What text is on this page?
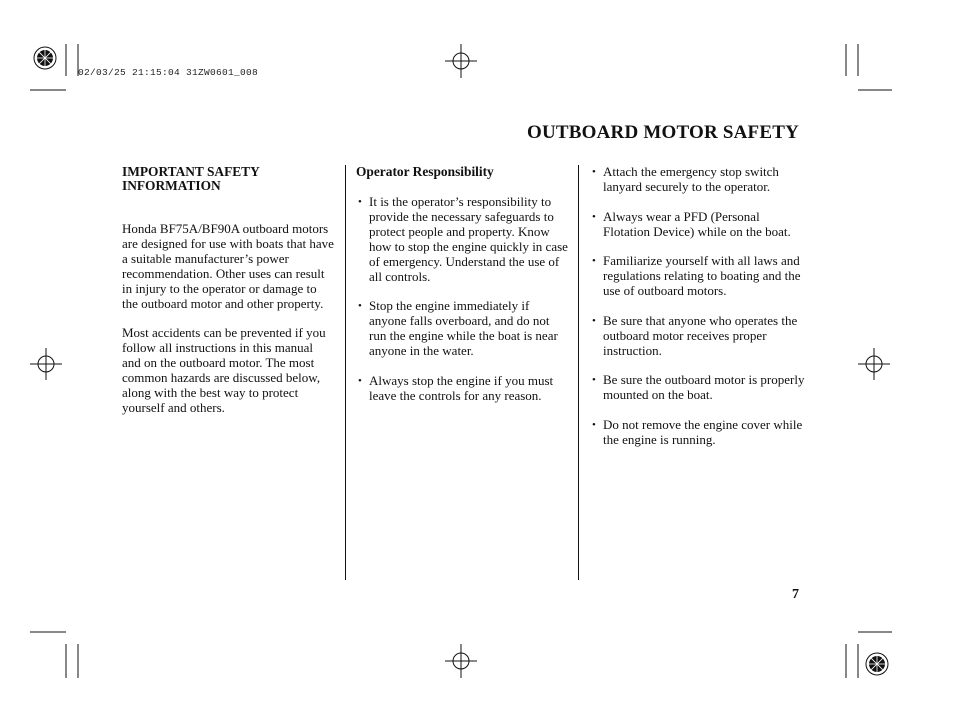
02/03/25 21:15:04 31ZW0601_008
OUTBOARD MOTOR SAFETY

IMPORTANT SAFETY
INFORMATION

Honda BF75A/BF90A outboard motors are designed for use with boats that have a suitable manufacturer’s power recommendation. Other uses can result in injury to the operator or damage to the outboard motor and other property.

Most accidents can be prevented if you follow all instructions in this manual and on the outboard motor. The most common hazards are discussed below, along with the best way to protect yourself and others.

Operator Responsibility

• It is the operator’s responsibility to provide the necessary safeguards to protect people and property. Know how to stop the engine quickly in case of emergency. Understand the use of all controls.
• Stop the engine immediately if anyone falls overboard, and do not run the engine while the boat is near anyone in the water.
• Always stop the engine if you must leave the controls for any reason.
• Attach the emergency stop switch lanyard securely to the operator.
• Always wear a PFD (Personal Flotation Device) while on the boat.
• Familiarize yourself with all laws and regulations relating to boating and the use of outboard motors.
• Be sure that anyone who operates the outboard motor receives proper instruction.
• Be sure the outboard motor is properly mounted on the boat.
• Do not remove the engine cover while the engine is running.
7
